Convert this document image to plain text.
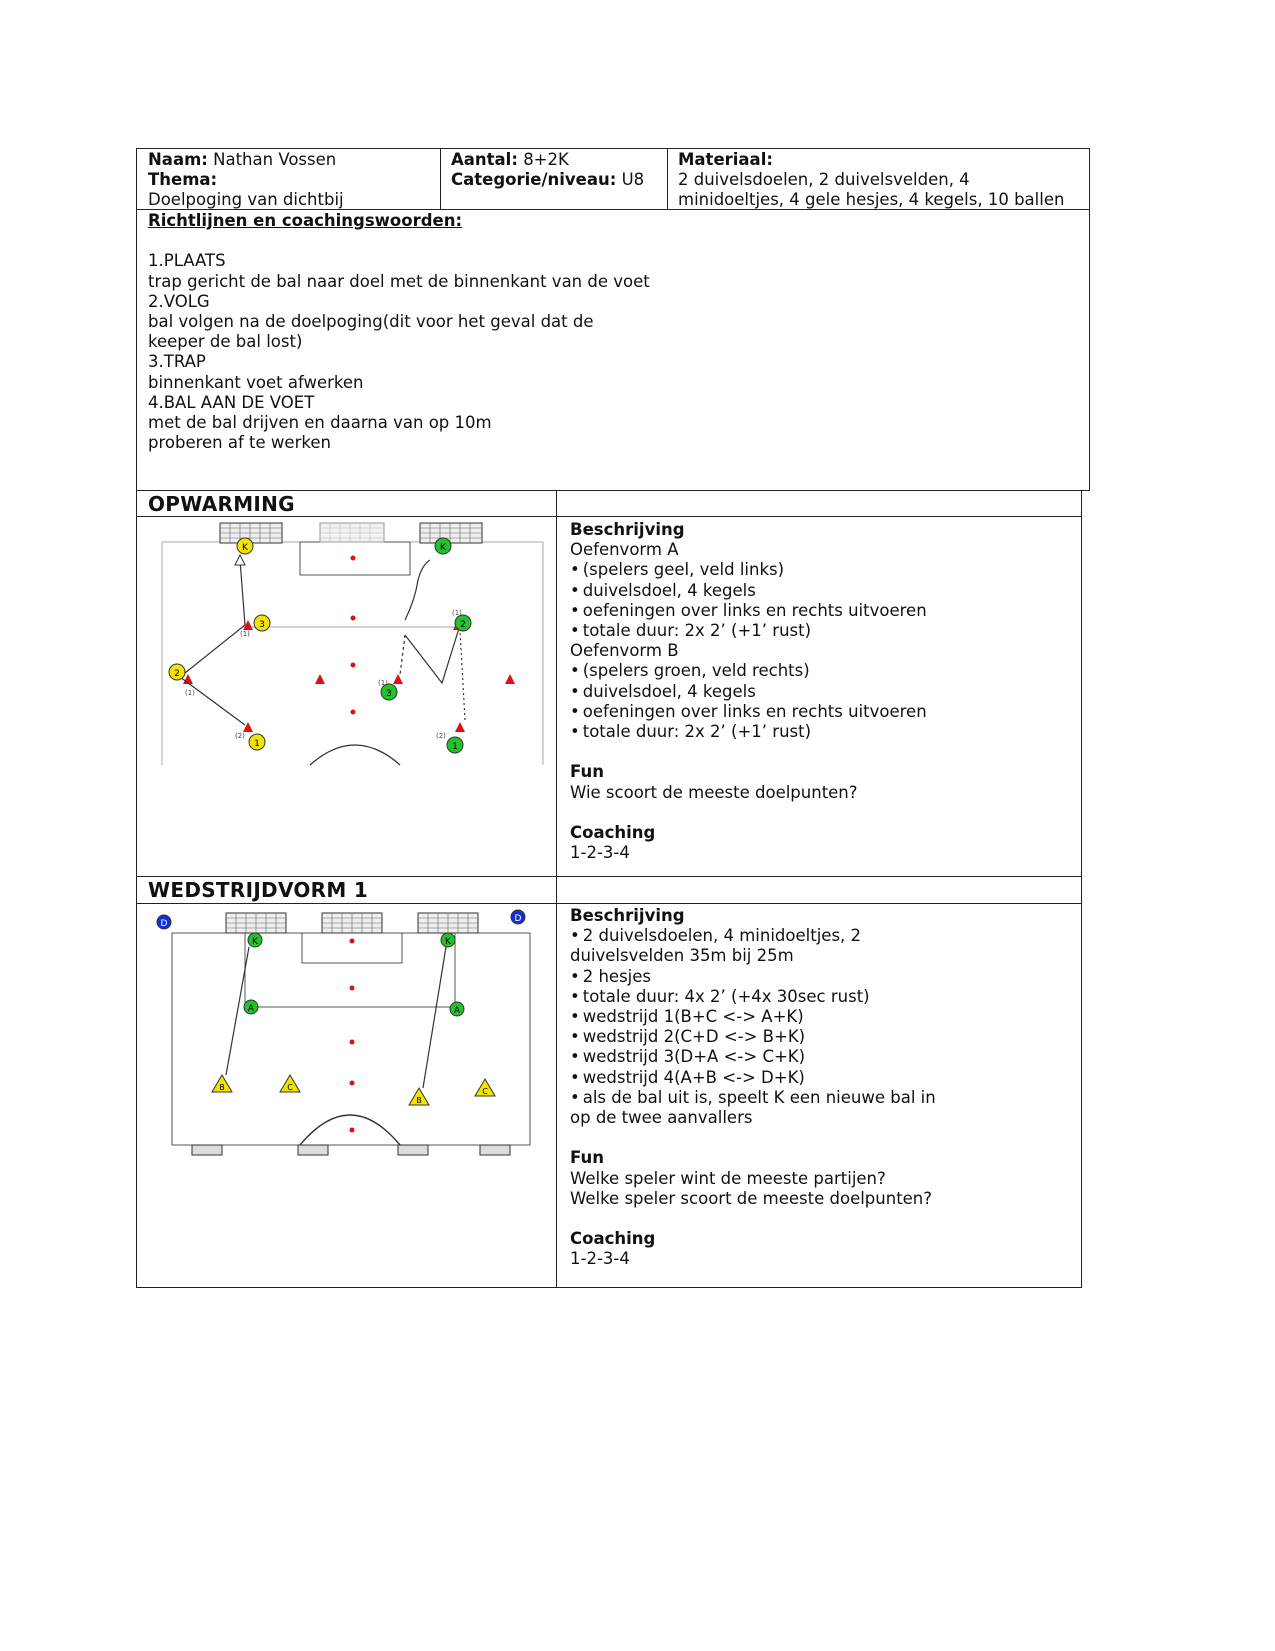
Naam: Nathan Vossen
Thema:
Doelpoging van dichtbij
Aantal: 8+2K
Categorie/niveau: U8
Materiaal:
2 duivelsdoelen, 2 duivelsvelden, 4
minidoeltjes, 4 gele hesjes, 4 kegels, 10 ballen
Richtlijnen en coachingswoorden:

1.PLAATS
trap gericht de bal naar doel met de binnenkant van de voet
2.VOLG
bal volgen na de doelpoging(dit voor het geval dat de
keeper de bal lost)
3.TRAP
binnenkant voet afwerken
4.BAL AAN DE VOET
met de bal drijven en daarna van op 10m
proberen af te werken
OPWARMING
K	K
3
2
1
2
3
1
(1)
(1)
(2)
(1)
(1)
(2)
Beschrijving
Oefenvorm A
• (spelers geel, veld links)
• duivelsdoel, 4 kegels
• oefeningen over links en rechts uitvoeren
• totale duur: 2x 2’ (+1’ rust)
Oefenvorm B
• (spelers groen, veld rechts)
• duivelsdoel, 4 kegels
• oefeningen over links en rechts uitvoeren
• totale duur: 2x 2’ (+1’ rust)

Fun
Wie scoort de meeste doelpunten?

Coaching
1-2-3-4
WEDSTRIJDVORM 1
D	D
K	K
A	A
B	C
B
C
Beschrijving
• 2 duivelsdoelen, 4 minidoeltjes, 2
duivelsvelden 35m bij 25m
• 2 hesjes
• totale duur: 4x 2’ (+4x 30sec rust)
• wedstrijd 1(B+C <-> A+K)
• wedstrijd 2(C+D <-> B+K)
• wedstrijd 3(D+A <-> C+K)
• wedstrijd 4(A+B <-> D+K)
• als de bal uit is, speelt K een nieuwe bal in
op de twee aanvallers

Fun
Welke speler wint de meeste partijen?
Welke speler scoort de meeste doelpunten?

Coaching
1-2-3-4
